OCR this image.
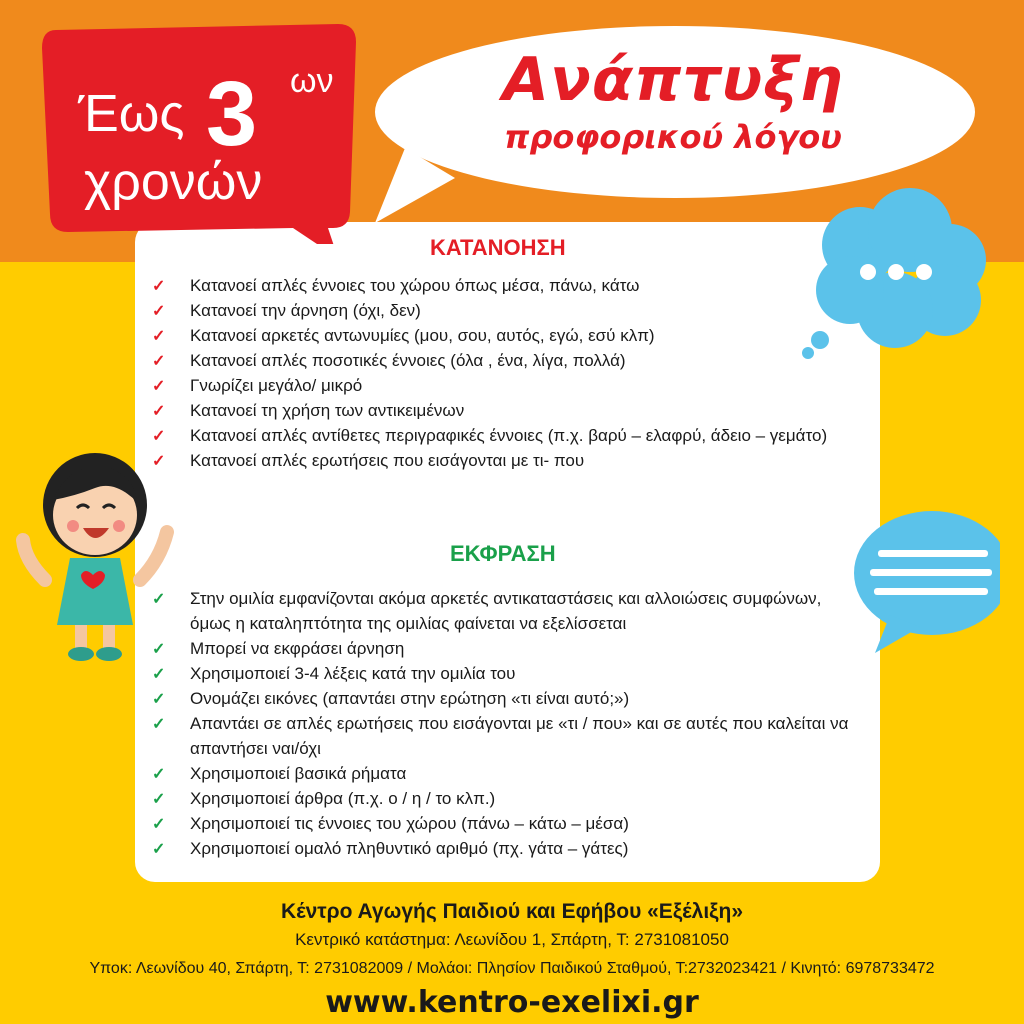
Έως 3 ων
χρονών
Ανάπτυξη
προφορικού λόγου
ΚΑΤΑΝΟΗΣΗ
✓ Κατανοεί απλές έννοιες του χώρου όπως μέσα, πάνω, κάτω
✓ Κατανοεί την άρνηση (όχι, δεν)
✓ Κατανοεί αρκετές αντωνυμίες (μου, σου, αυτός, εγώ, εσύ κλπ)
✓ Κατανοεί απλές ποσοτικές έννοιες (όλα , ένα, λίγα, πολλά)
✓ Γνωρίζει μεγάλο/ μικρό
✓ Κατανοεί τη χρήση των αντικειμένων
✓ Κατανοεί απλές αντίθετες περιγραφικές έννοιες (π.χ. βαρύ – ελαφρύ, άδειο – γεμάτο)
✓ Κατανοεί απλές ερωτήσεις που εισάγονται με τι- που
ΕΚΦΡΑΣΗ
✓ Στην ομιλία εμφανίζονται ακόμα αρκετές αντικαταστάσεις και αλλοιώσεις συμφώνων, όμως η καταληπτότητα της ομιλίας φαίνεται να εξελίσσεται
✓ Μπορεί να εκφράσει άρνηση
✓ Χρησιμοποιεί 3-4 λέξεις κατά την ομιλία του
✓ Ονομάζει εικόνες (απαντάει στην ερώτηση «τι είναι αυτό;»)
✓ Απαντάει σε απλές ερωτήσεις που εισάγονται με «τι / που» και σε αυτές που καλείται να απαντήσει ναι/όχι
✓ Χρησιμοποιεί βασικά ρήματα
✓ Χρησιμοποιεί άρθρα (π.χ. ο / η / το κλπ.)
✓ Χρησιμοποιεί τις έννοιες του χώρου (πάνω – κάτω – μέσα)
✓ Χρησιμοποιεί ομαλό πληθυντικό αριθμό (πχ. γάτα – γάτες)
Κέντρο Αγωγής Παιδιού και Εφήβου «Εξέλιξη»
Κεντρικό κατάστημα: Λεωνίδου 1, Σπάρτη, Τ: 2731081050
Υποκ: Λεωνίδου 40, Σπάρτη, Τ: 2731082009 / Μολάοι: Πλησίον Παιδικού Σταθμού, Τ:2732023421 / Κινητό: 6978733472
www.kentro-exelixi.gr
